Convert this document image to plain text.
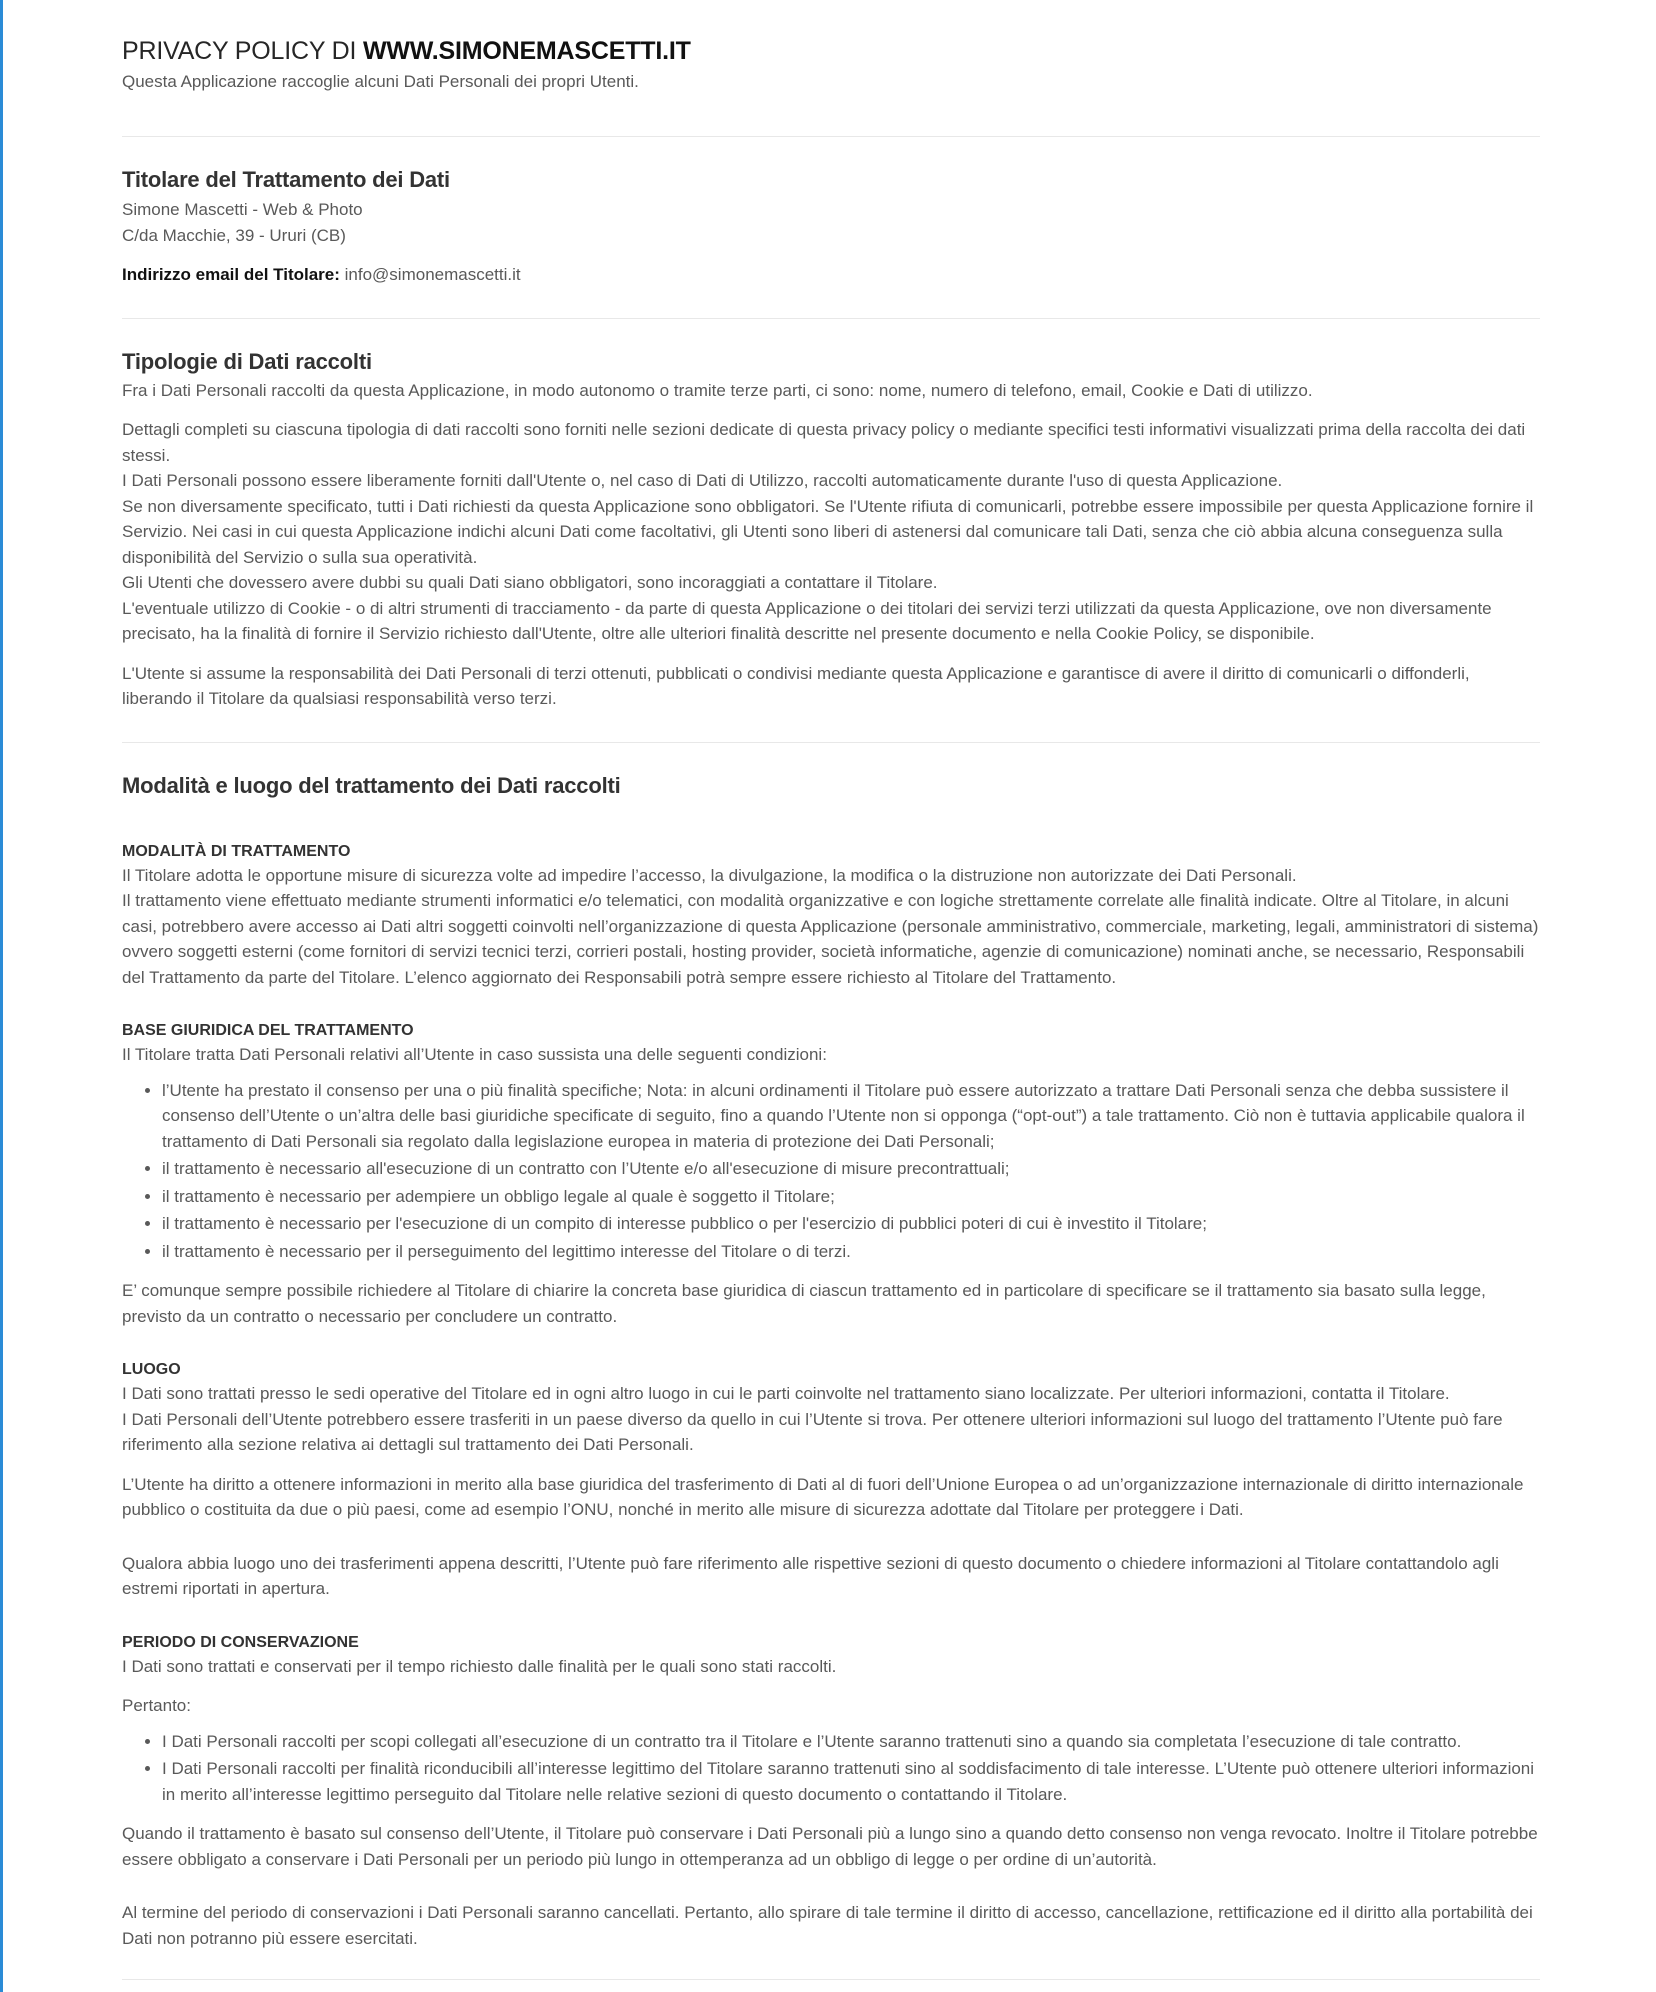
PRIVACY POLICY DI WWW.SIMONEMASCETTI.IT

Questa Applicazione raccoglie alcuni Dati Personali dei propri Utenti.

Titolare del Trattamento dei Dati

Simone Mascetti - Web & Photo

C/da Macchie, 39 - Ururi (CB)

Indirizzo email del Titolare: info@simonemascetti.it

Tipologie di Dati raccolti

Fra i Dati Personali raccolti da questa Applicazione, in modo autonomo o tramite terze parti, ci sono: nome, numero di telefono, email, Cookie e Dati di utilizzo.

Dettagli completi su ciascuna tipologia di dati raccolti sono forniti nelle sezioni dedicate di questa privacy policy o mediante specifici testi informativi visualizzati prima della raccolta dei dati stessi.
I Dati Personali possono essere liberamente forniti dall'Utente o, nel caso di Dati di Utilizzo, raccolti automaticamente durante l'uso di questa Applicazione.
Se non diversamente specificato, tutti i Dati richiesti da questa Applicazione sono obbligatori. Se l'Utente rifiuta di comunicarli, potrebbe essere impossibile per questa Applicazione fornire il Servizio. Nei casi in cui questa Applicazione indichi alcuni Dati come facoltativi, gli Utenti sono liberi di astenersi dal comunicare tali Dati, senza che ciò abbia alcuna conseguenza sulla disponibilità del Servizio o sulla sua operatività.
Gli Utenti che dovessero avere dubbi su quali Dati siano obbligatori, sono incoraggiati a contattare il Titolare.
L'eventuale utilizzo di Cookie - o di altri strumenti di tracciamento - da parte di questa Applicazione o dei titolari dei servizi terzi utilizzati da questa Applicazione, ove non diversamente precisato, ha la finalità di fornire il Servizio richiesto dall'Utente, oltre alle ulteriori finalità descritte nel presente documento e nella Cookie Policy, se disponibile.

L'Utente si assume la responsabilità dei Dati Personali di terzi ottenuti, pubblicati o condivisi mediante questa Applicazione e garantisce di avere il diritto di comunicarli o diffonderli, liberando il Titolare da qualsiasi responsabilità verso terzi.

Modalità e luogo del trattamento dei Dati raccolti
MODALITÀ DI TRATTAMENTO

Il Titolare adotta le opportune misure di sicurezza volte ad impedire l’accesso, la divulgazione, la modifica o la distruzione non autorizzate dei Dati Personali.
Il trattamento viene effettuato mediante strumenti informatici e/o telematici, con modalità organizzative e con logiche strettamente correlate alle finalità indicate. Oltre al Titolare, in alcuni casi, potrebbero avere accesso ai Dati altri soggetti coinvolti nell’organizzazione di questa Applicazione (personale amministrativo, commerciale, marketing, legali, amministratori di sistema) ovvero soggetti esterni (come fornitori di servizi tecnici terzi, corrieri postali, hosting provider, società informatiche, agenzie di comunicazione) nominati anche, se necessario, Responsabili del Trattamento da parte del Titolare. L’elenco aggiornato dei Responsabili potrà sempre essere richiesto al Titolare del Trattamento.

BASE GIURIDICA DEL TRATTAMENTO

Il Titolare tratta Dati Personali relativi all’Utente in caso sussista una delle seguenti condizioni:

• l’Utente ha prestato il consenso per una o più finalità specifiche; Nota: in alcuni ordinamenti il Titolare può essere autorizzato a trattare Dati Personali senza che debba sussistere il consenso dell’Utente o un’altra delle basi giuridiche specificate di seguito, fino a quando l’Utente non si opponga (“opt-out”) a tale trattamento. Ciò non è tuttavia applicabile qualora il trattamento di Dati Personali sia regolato dalla legislazione europea in materia di protezione dei Dati Personali;
• il trattamento è necessario all'esecuzione di un contratto con l’Utente e/o all'esecuzione di misure precontrattuali;
• il trattamento è necessario per adempiere un obbligo legale al quale è soggetto il Titolare;
• il trattamento è necessario per l'esecuzione di un compito di interesse pubblico o per l'esercizio di pubblici poteri di cui è investito il Titolare;
• il trattamento è necessario per il perseguimento del legittimo interesse del Titolare o di terzi.

E’ comunque sempre possibile richiedere al Titolare di chiarire la concreta base giuridica di ciascun trattamento ed in particolare di specificare se il trattamento sia basato sulla legge, previsto da un contratto o necessario per concludere un contratto.

LUOGO

I Dati sono trattati presso le sedi operative del Titolare ed in ogni altro luogo in cui le parti coinvolte nel trattamento siano localizzate. Per ulteriori informazioni, contatta il Titolare.
I Dati Personali dell’Utente potrebbero essere trasferiti in un paese diverso da quello in cui l’Utente si trova. Per ottenere ulteriori informazioni sul luogo del trattamento l’Utente può fare riferimento alla sezione relativa ai dettagli sul trattamento dei Dati Personali.

L’Utente ha diritto a ottenere informazioni in merito alla base giuridica del trasferimento di Dati al di fuori dell’Unione Europea o ad un’organizzazione internazionale di diritto internazionale pubblico o costituita da due o più paesi, come ad esempio l’ONU, nonché in merito alle misure di sicurezza adottate dal Titolare per proteggere i Dati.

Qualora abbia luogo uno dei trasferimenti appena descritti, l’Utente può fare riferimento alle rispettive sezioni di questo documento o chiedere informazioni al Titolare contattandolo agli estremi riportati in apertura.

PERIODO DI CONSERVAZIONE

I Dati sono trattati e conservati per il tempo richiesto dalle finalità per le quali sono stati raccolti.

Pertanto:

• I Dati Personali raccolti per scopi collegati all’esecuzione di un contratto tra il Titolare e l’Utente saranno trattenuti sino a quando sia completata l’esecuzione di tale contratto.
• I Dati Personali raccolti per finalità riconducibili all’interesse legittimo del Titolare saranno trattenuti sino al soddisfacimento di tale interesse. L’Utente può ottenere ulteriori informazioni in merito all’interesse legittimo perseguito dal Titolare nelle relative sezioni di questo documento o contattando il Titolare.

Quando il trattamento è basato sul consenso dell’Utente, il Titolare può conservare i Dati Personali più a lungo sino a quando detto consenso non venga revocato. Inoltre il Titolare potrebbe essere obbligato a conservare i Dati Personali per un periodo più lungo in ottemperanza ad un obbligo di legge o per ordine di un’autorità.

Al termine del periodo di conservazioni i Dati Personali saranno cancellati. Pertanto, allo spirare di tale termine il diritto di accesso, cancellazione, rettificazione ed il diritto alla portabilità dei Dati non potranno più essere esercitati.
